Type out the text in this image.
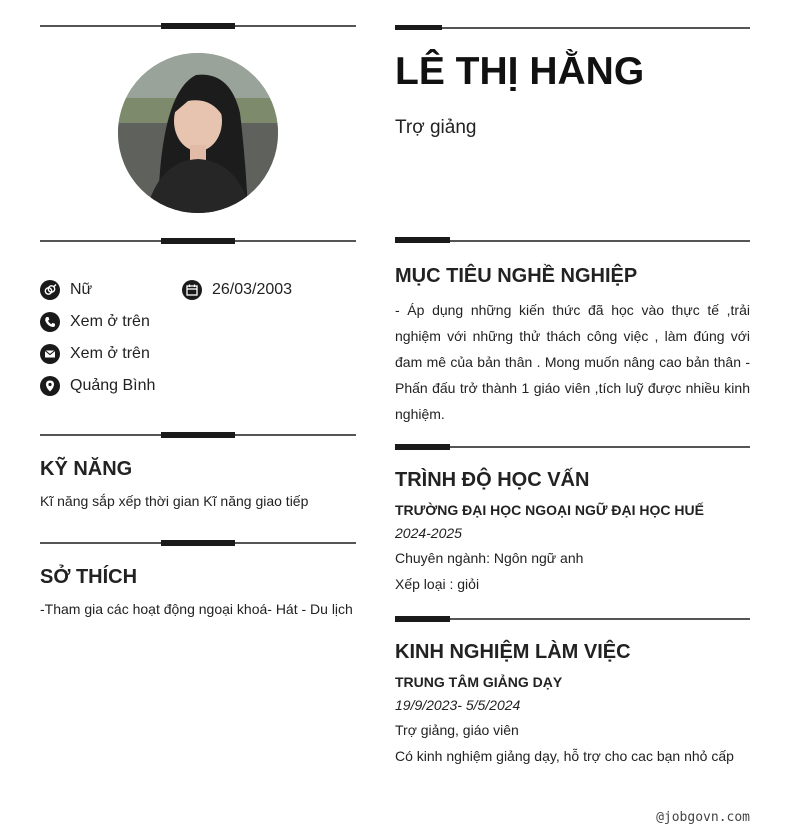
Nữ	26/03/2003
Xem ở trên
Xem ở trên
Quảng Bình
KỸ NĂNG
Kĩ năng sắp xếp thời gian Kĩ năng giao tiếp
SỞ THÍCH
-Tham gia các hoạt động ngoại khoá- Hát - Du lịch
LÊ THỊ HẰNG
Trợ giảng
MỤC TIÊU NGHỀ NGHIỆP
- Áp dụng những kiến thức đã học vào thực tế ,trải nghiệm với những thử thách công việc , làm đúng với đam mê của bản thân . Mong muốn nâng cao bản thân - Phấn đấu trở thành 1 giáo viên ,tích luỹ được nhiều kinh nghiệm.
TRÌNH ĐỘ HỌC VẤN
TRƯỜNG ĐẠI HỌC NGOẠI NGỮ ĐẠI HỌC HUẾ
2024-2025
Chuyên ngành: Ngôn ngữ anh
Xếp loại : giỏi
KINH NGHIỆM LÀM VIỆC
TRUNG TÂM GIẢNG DẠY
19/9/2023- 5/5/2024
Trợ giảng, giáo viên
Có kinh nghiệm giảng dạy, hỗ trợ cho cac bạn nhỏ cấp
@jobgovn.com
